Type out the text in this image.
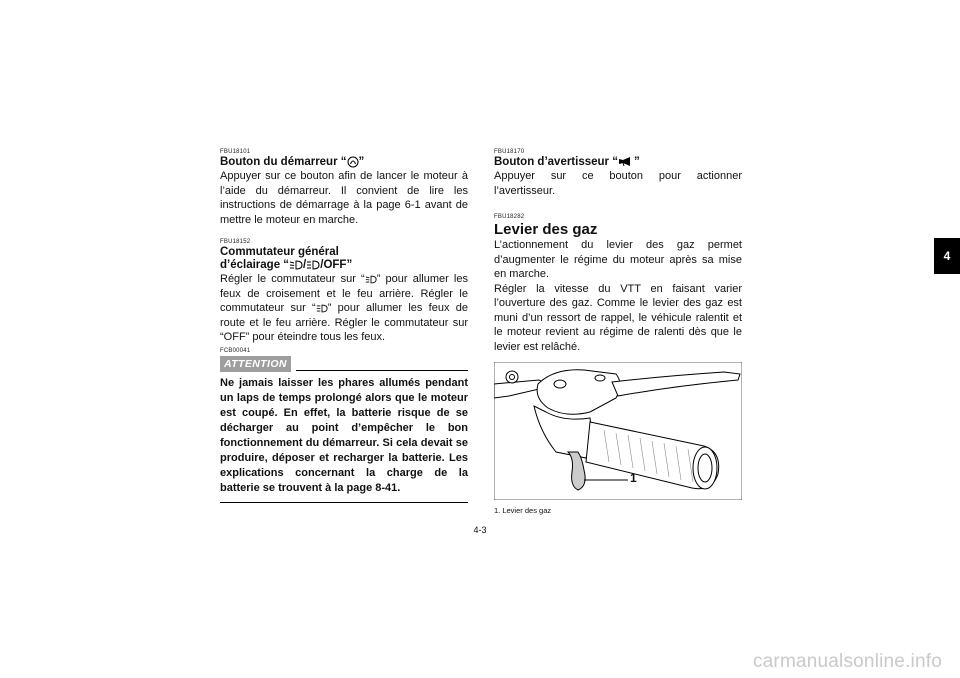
FBU18101
Bouton du démarreur “ ”
Appuyer sur ce bouton afin de lancer le moteur à l’aide du démarreur. Il convient de lire les instructions de démarrage à la page 6-1 avant de mettre le moteur en marche.
FBU18152
Commutateur général
d’éclairage “ / /OFF”
Régler le commutateur sur “ ” pour allumer les feux de croisement et le feu arrière. Régler le commutateur sur “ ” pour allumer les feux de route et le feu arrière. Régler le commutateur sur “OFF” pour éteindre tous les feux.
FCB00041
ATTENTION
Ne jamais laisser les phares allumés pendant un laps de temps prolongé alors que le moteur est coupé. En effet, la batterie risque de se décharger au point d’empêcher le bon fonctionnement du démarreur. Si cela devait se produire, déposer et recharger la batterie. Les explications concernant la charge de la batterie se trouvent à la page 8-41.
FBU18170
Bouton d’avertisseur “ ”
Appuyer sur ce bouton pour actionner l’avertisseur.
FBU18282
Levier des gaz
L’actionnement du levier des gaz permet d’augmenter le régime du moteur après sa mise en marche.
Régler la vitesse du VTT en faisant varier l’ouverture des gaz. Comme le levier des gaz est muni d’un ressort de rappel, le véhicule ralentit et le moteur revient au régime de ralenti dès que le levier est relâché.
1
1. Levier des gaz
4
4-3
carmanualsonline.info
